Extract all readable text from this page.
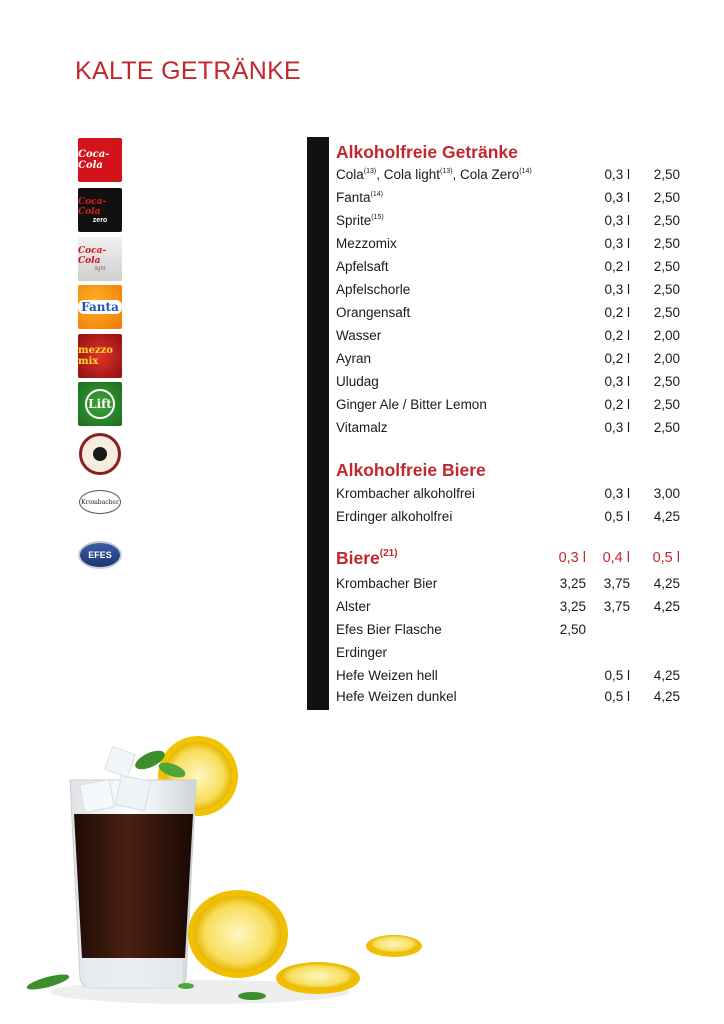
KALTE GETRÄNKE
Coca-Cola
Coca-Cola
zero
Coca-Cola
light
Fanta
mezzo mix
Lift
Krombacher
EFES
Alkoholfreie Getränke
Cola$^{(13)}$, Cola light$^{(13)}$, Cola Zero$^{(14)}$	0,3 l 2,50
Fanta$^{(14)}$	0,3 l 2,50
Sprite$^{(15)}$	0,3 l 2,50
Mezzomix	0,3 l 2,50
Apfelsaft	0,2 l 2,50
Apfelschorle	0,3 l 2,50
Orangensaft	0,2 l 2,50
Wasser	0,2 l 2,00
Ayran	0,2 l 2,00
Uludag	0,3 l 2,50
Ginger Ale / Bitter Lemon	0,2 l 2,50
Vitamalz	0,3 l 2,50
Alkoholfreie Biere
Krombacher alkoholfrei	0,3 l 3,00
Erdinger alkoholfrei	0,5 l 4,25
Biere$^{(21)}$	0,3 l 0,4 l 0,5 l
Krombacher Bier	3,25 3,75 4,25
Alster	3,25 3,75 4,25
Efes Bier Flasche	2,50
Erdinger
Hefe Weizen hell	0,5 l 4,25
Hefe Weizen dunkel	0,5 l 4,25
